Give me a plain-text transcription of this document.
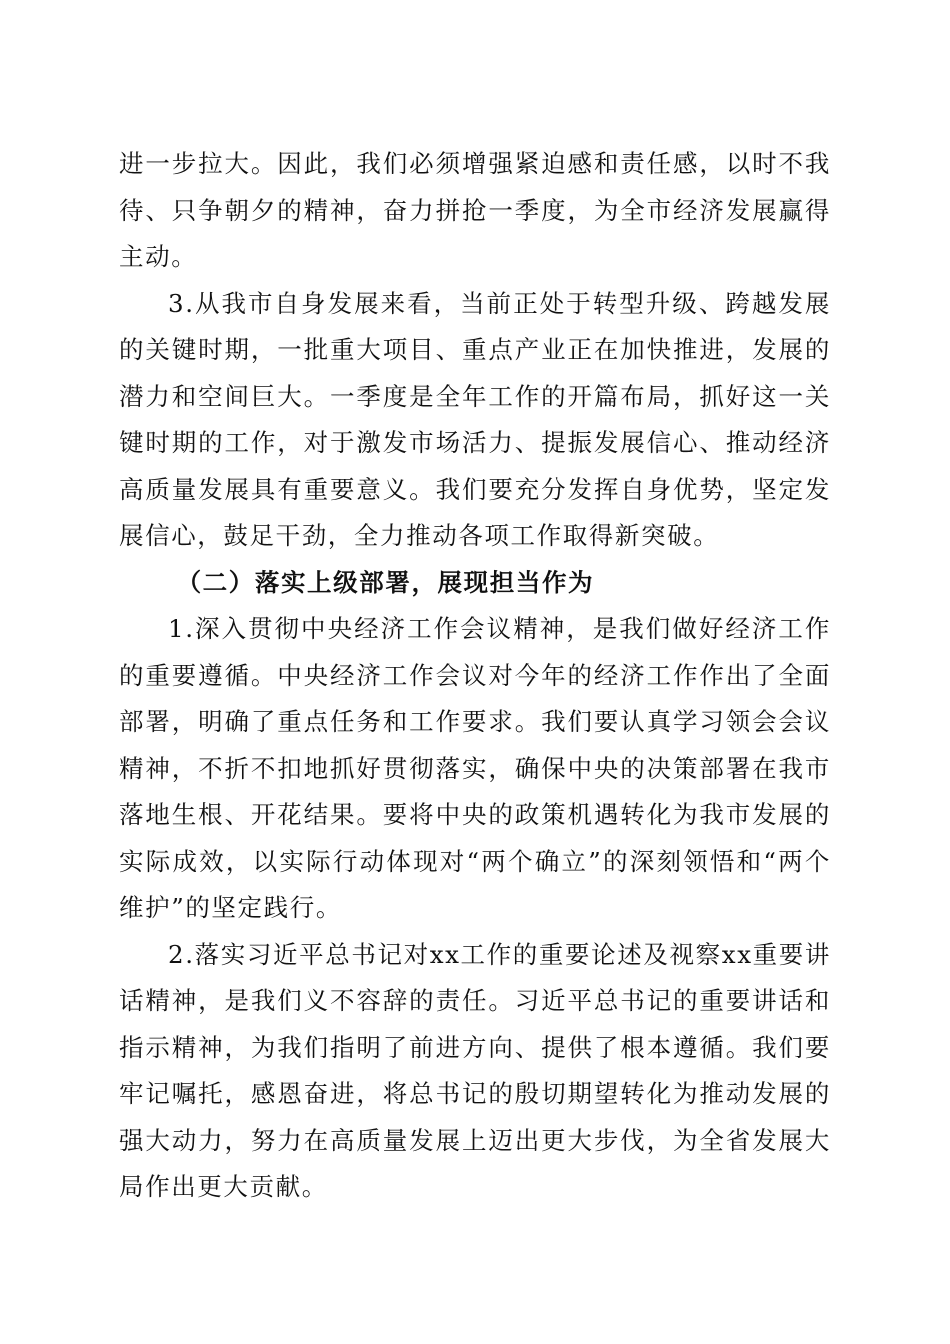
进一步拉大。因此，我们必须增强紧迫感和责任感，以时不我待、只争朝夕的精神，奋力拼抢一季度，为全市经济发展赢得主动。

3.从我市自身发展来看，当前正处于转型升级、跨越发展的关键时期，一批重大项目、重点产业正在加快推进，发展的潜力和空间巨大。一季度是全年工作的开篇布局，抓好这一关键时期的工作，对于激发市场活力、提振发展信心、推动经济高质量发展具有重要意义。我们要充分发挥自身优势，坚定发展信心，鼓足干劲，全力推动各项工作取得新突破。

（二）落实上级部署，展现担当作为

1.深入贯彻中央经济工作会议精神，是我们做好经济工作的重要遵循。中央经济工作会议对今年的经济工作作出了全面部署，明确了重点任务和工作要求。我们要认真学习领会会议精神，不折不扣地抓好贯彻落实，确保中央的决策部署在我市落地生根、开花结果。要将中央的政策机遇转化为我市发展的实际成效，以实际行动体现对“两个确立”的深刻领悟和“两个维护”的坚定践行。

2.落实习近平总书记对xx工作的重要论述及视察xx重要讲话精神，是我们义不容辞的责任。习近平总书记的重要讲话和指示精神，为我们指明了前进方向、提供了根本遵循。我们要牢记嘱托，感恩奋进，将总书记的殷切期望转化为推动发展的强大动力，努力在高质量发展上迈出更大步伐，为全省发展大局作出更大贡献。
